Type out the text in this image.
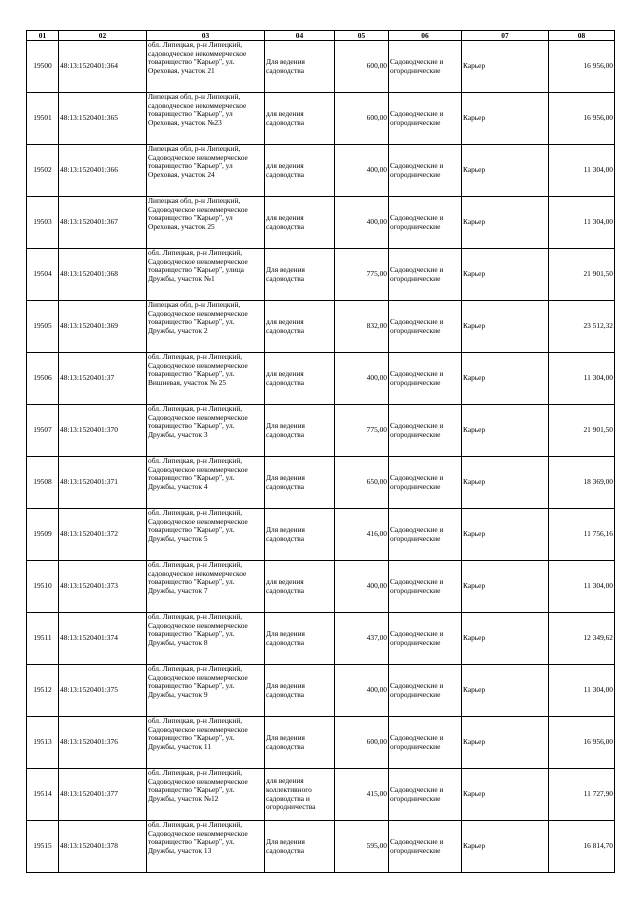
01	02	03	04	05	06	07	08
19500	48:13:1520401:364	обл. Липецкая, р-н Липецкий, садоводческое некоммерческое товарищество "Карьер", ул. Ореховая, участок 21	Для ведения садоводства	600,00	Садоводческие и огороднические	Карьер	16 956,00
19501	48:13:1520401:365	Липецкая обл, р-н Липецкий, садоводческое некоммерческое товарищество "Карьер", ул Ореховая, участок №23	для ведения садоводства	600,00	Садоводческие и огороднические	Карьер	16 956,00
19502	48:13:1520401:366	Липецкая обл, р-н Липецкий, Садоводческое некоммерческое товарищество "Карьер", ул Ореховая, участок 24	для ведения садоводства	400,00	Садоводческие и огороднические	Карьер	11 304,00
19503	48:13:1520401:367	Липецкая обл, р-н Липецкий, Садоводческое некоммерческое товарищество "Карьер", ул Ореховая, участок 25	для ведения садоводства	400,00	Садоводческие и огороднические	Карьер	11 304,00
19504	48:13:1520401:368	обл. Липецкая, р-н Липецкий, Садоводческое некоммерческое товарищество "Карьер", улица Дружбы, участок №1	Для ведения садоводства	775,00	Садоводческие и огороднические	Карьер	21 901,50
19505	48:13:1520401:369	Липецкая обл, р-н Липецкий, Садоводческое некоммерческое товарищество "Карьер", ул. Дружбы, участок 2	для ведения садоводства	832,00	Садоводческие и огороднические	Карьер	23 512,32
19506	48:13:1520401:37	обл. Липецкая, р-н Липецкий, Садоводческое некоммерческое товарищество "Карьер", ул. Вишневая, участок № 25	для ведения садоводства	400,00	Садоводческие и огороднические	Карьер	11 304,00
19507	48:13:1520401:370	обл. Липецкая, р-н Липецкий, Садоводческое некоммерческое товарищество "Карьер", ул. Дружбы, участок 3	Для ведения садоводства	775,00	Садоводческие и огороднические	Карьер	21 901,50
19508	48:13:1520401:371	обл. Липецкая, р-н Липецкий, Садоводческое некоммерческое товарищество "Карьер", ул. Дружбы, участок 4	Для ведения садоводства	650,00	Садоводческие и огороднические	Карьер	18 369,00
19509	48:13:1520401:372	обл. Липецкая, р-н Липецкий, Садоводческое некоммерческое товарищество "Карьер", ул. Дружбы, участок 5	Для ведения садоводства	416,00	Садоводческие и огороднические	Карьер	11 756,16
19510	48:13:1520401:373	обл. Липецкая, р-н Липецкий, садоводческое некоммерческое товарищество "Карьер", ул. Дружбы, участок 7	для ведения садоводства	400,00	Садоводческие и огороднические	Карьер	11 304,00
19511	48:13:1520401:374	обл. Липецкая, р-н Липецкий, Садоводческое некоммерческое товарищество "Карьер", ул. Дружбы, участок 8	Для ведения садоводства	437,00	Садоводческие и огороднические	Карьер	12 349,62
19512	48:13:1520401:375	обл. Липецкая, р-н Липецкий, Садоводческое некоммерческое товарищество "Карьер", ул. Дружбы, участок 9	Для ведения садоводства	400,00	Садоводческие и огороднические	Карьер	11 304,00
19513	48:13:1520401:376	обл. Липецкая, р-н Липецкий, Садоводческое некоммерческое товарищество "Карьер", ул. Дружбы, участок 11	Для ведения садоводства	600,00	Садоводческие и огороднические	Карьер	16 956,00
19514	48:13:1520401:377	обл. Липецкая, р-н Липецкий, Садоводческое некоммерческое товарищество "Карьер", ул. Дружбы, участок №12	для ведения коллективного садоводства и огородничества	415,00	Садоводческие и огороднические	Карьер	11 727,90
19515	48:13:1520401:378	обл. Липецкая, р-н Липецкий, Садоводческое некоммерческое товарищество "Карьер", ул. Дружбы, участок 13	Для ведения садоводства	595,00	Садоводческие и огороднические	Карьер	16 814,70
